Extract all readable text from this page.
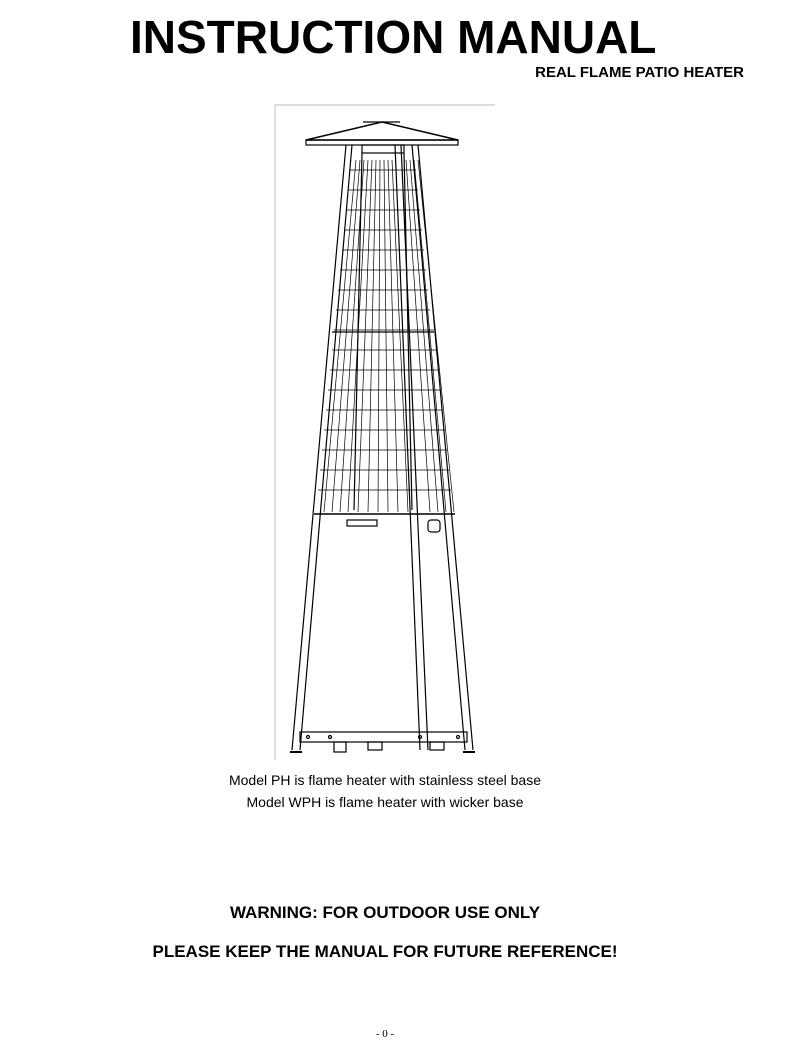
INSTRUCTION MANUAL
REAL FLAME PATIO HEATER
Model PH is flame heater with stainless steel base
Model WPH is flame heater with wicker base
WARNING: FOR OUTDOOR USE ONLY
PLEASE KEEP THE MANUAL FOR FUTURE REFERENCE!
- 0 -
